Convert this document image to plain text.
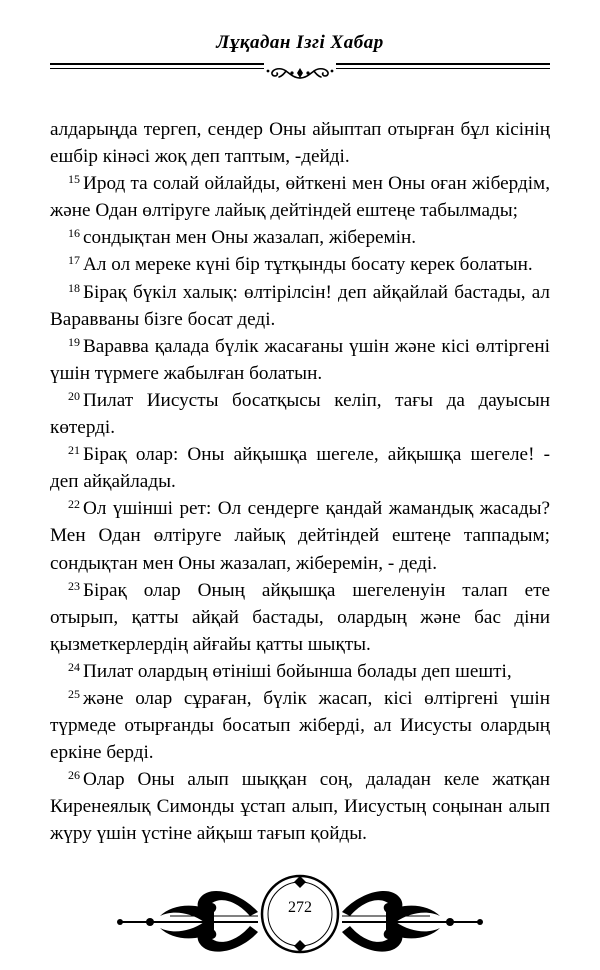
Лұқадан Ізгі Хабар

алдарыңда тергеп, сендер Оны айыптап отырған бұл кісінің ешбір кінәсі жоқ деп таптым, -дейді.

$^{15}$ Ирод та солай ойлайды, өйткені мен Оны оған жібердім, және Одан өлтіруге лайық дейтіндей ештеңе табылмады;

$^{16}$ сондықтан мен Оны жазалап, жіберемін.

$^{17}$ Ал ол мереке күні бір тұтқынды босату керек болатын.

$^{18}$ Бірақ бүкіл халық: өлтірілсін! деп айқайлай бастады, ал Вараввaны бізге босат деді.

$^{19}$ Варавва қалада бүлік жасағаны үшін және кісі өлтіргені үшін түрмеге жабылған болатын.

$^{20}$ Пилат Иисусты босатқысы келіп, тағы да дауысын көтерді.

$^{21}$ Бірақ олар: Оны айқышқа шегеле, айқышқа шегеле! - деп айқайлады.

$^{22}$ Ол үшінші рет: Ол сендерге қандай жамандық жасады? Мен Одан өлтіруге лайық дейтіндей ештеңе таппадым; сондықтан мен Оны жазалап, жіберемін, - деді.

$^{23}$ Бірақ олар Оның айқышқа шегеленуін талап ете отырып, қатты айқай бастады, олардың және бас діни қызметкерлердің айғайы қатты шықты.

$^{24}$ Пилат олардың өтініші бойынша болады деп шешті,

$^{25}$ және олар сұраған, бүлік жасап, кісі өлтіргені үшін түрмеде отырғанды босатып жіберді, ал Иисусты олардың еркіне берді.

$^{26}$ Олар Оны алып шыққан соң, даладан келе жатқан Киренеялық Симонды ұстап алып, Иисустың соңынан алып жүру үшін үстіне айқыш тағып қойды.

272
